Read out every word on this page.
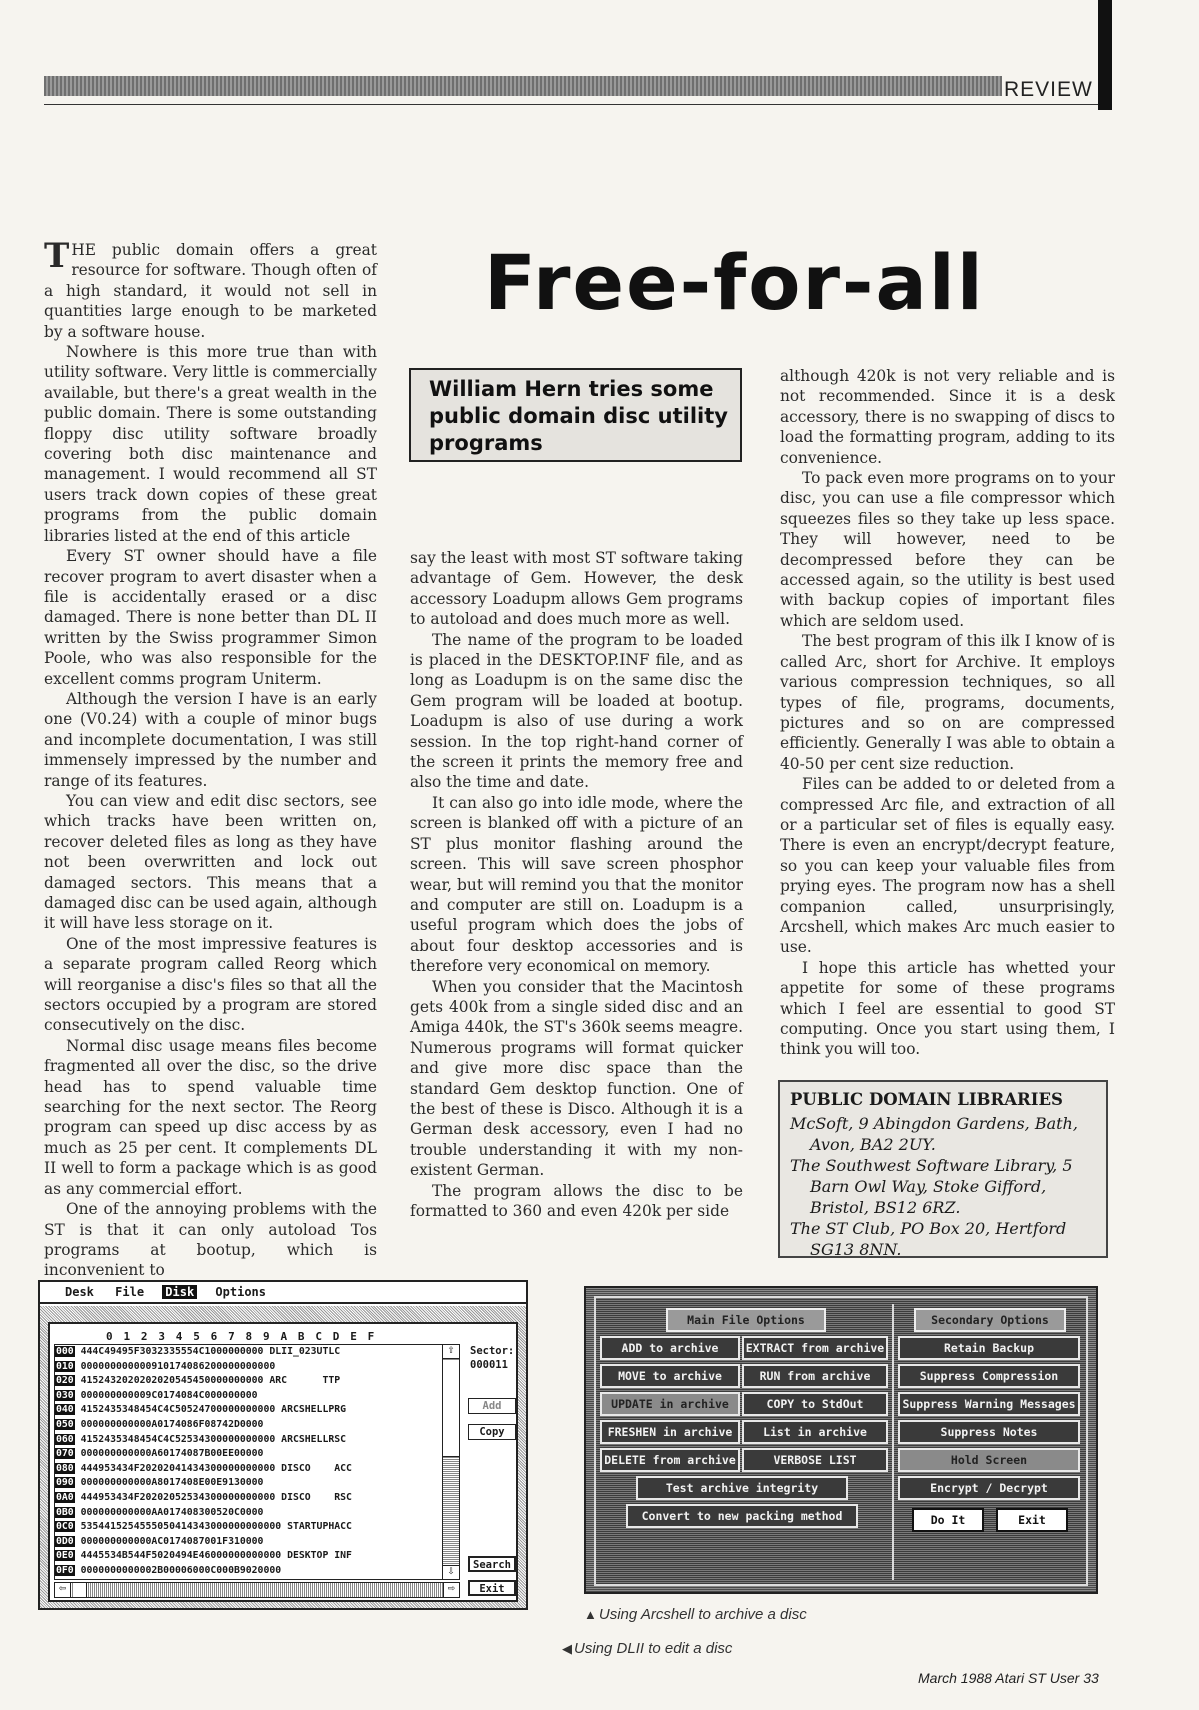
REVIEW
Free-for-all
William Hern tries some public domain disc utility programs

THE public domain offers a great resource for software. Though often of a high standard, it would not sell in quantities large enough to be marketed by a software house.

Nowhere is this more true than with utility software. Very little is commercially available, but there's a great wealth in the public domain. There is some outstanding floppy disc utility software broadly covering both disc maintenance and management. I would recommend all ST users track down copies of these great programs from the public domain libraries listed at the end of this article

Every ST owner should have a file recover program to avert disaster when a file is accidentally erased or a disc damaged. There is none better than DL II written by the Swiss programmer Simon Poole, who was also responsible for the excellent comms program Uniterm.

Although the version I have is an early one (V0.24) with a couple of minor bugs and incomplete documentation, I was still immensely impressed by the number and range of its features.

You can view and edit disc sectors, see which tracks have been written on, recover deleted files as long as they have not been overwritten and lock out damaged sectors. This means that a damaged disc can be used again, although it will have less storage on it.

One of the most impressive features is a separate program called Reorg which will reorganise a disc's files so that all the sectors occupied by a program are stored consecutively on the disc.

Normal disc usage means files become fragmented all over the disc, so the drive head has to spend valuable time searching for the next sector. The Reorg program can speed up disc access by as much as 25 per cent. It complements DL II well to form a package which is as good as any commercial effort.

One of the annoying problems with the ST is that it can only autoload Tos programs at bootup, which is inconvenient to

say the least with most ST software taking advantage of Gem. However, the desk accessory Loadupm allows Gem programs to autoload and does much more as well.

The name of the program to be loaded is placed in the DESKTOP.INF file, and as long as Loadupm is on the same disc the Gem program will be loaded at bootup. Loadupm is also of use during a work session. In the top right-hand corner of the screen it prints the memory free and also the time and date.

It can also go into idle mode, where the screen is blanked off with a picture of an ST plus monitor flashing around the screen. This will save screen phosphor wear, but will remind you that the monitor and computer are still on. Loadupm is a useful program which does the jobs of about four desktop accessories and is therefore very economical on memory.

When you consider that the Macintosh gets 400k from a single sided disc and an Amiga 440k, the ST's 360k seems meagre. Numerous programs will format quicker and give more disc space than the standard Gem desktop function. One of the best of these is Disco. Although it is a German desk accessory, even I had no trouble understanding it with my non-existent German.

The program allows the disc to be formatted to 360 and even 420k per side

although 420k is not very reliable and is not recommended. Since it is a desk accessory, there is no swapping of discs to load the formatting program, adding to its convenience.

To pack even more programs on to your disc, you can use a file compressor which squeezes files so they take up less space. They will however, need to be decompressed before they can be accessed again, so the utility is best used with backup copies of important files which are seldom used.

The best program of this ilk I know of is called Arc, short for Archive. It employs various compression techniques, so all types of file, programs, documents, pictures and so on are compressed efficiently. Generally I was able to obtain a 40-50 per cent size reduction.

Files can be added to or deleted from a compressed Arc file, and extraction of all or a particular set of files is equally easy. There is even an encrypt/decrypt feature, so you can keep your valuable files from prying eyes. The program now has a shell companion called, unsurprisingly, Arcshell, which makes Arc much easier to use.

I hope this article has whetted your appetite for some of these programs which I feel are essential to good ST computing. Once you start using them, I think you will too.

PUBLIC DOMAIN LIBRARIES
McSoft, 9 Abingdon Gardens, Bath, Avon, BA2 2UY.
The Southwest Software Library, 5 Barn Owl Way, Stoke Gifford, Bristol, BS12 6RZ.
The ST Club, PO Box 20, Hertford SG13 8NN.
Desk File Disk Options
0 1 2 3 4 5 6 7 8 9 A B C D E F
000 444C49495F3032335554C1000000000 DLII_023UTLC
010 000000000000910174086200000000000
020 4152432020202020545450000000000 ARC      TTP
030 000000000009C0174084C000000000
040 4152435348454C4C50524700000000000 ARCSHELLPRG
050 000000000000A0174086F08742D0000
060 4152435348454C4C52534300000000000 ARCSHELLRSC
070 000000000000A60174087B00EE00000
080 444953434F20202041434300000000000 DISCO    ACC
090 000000000000A8017408E00E9130000
0A0 444953434F20202052534300000000000 DISCO    RSC
0B0 000000000000AA017408300520C0000
0C0 5354415254555050414343000000000000 STARTUPHACC
0D0 000000000000AC0174087001F310000
0E0 4445534B544F5020494E46000000000000 DESKTOP INF
0F0 0000000000002B00006000C000B9020000
⇧
⇩
⇦	⇨
Sector:
000011
Add
Copy
Search
Exit
Main File Options	Secondary Options
ADD to archive	EXTRACT from archive
MOVE to archive	RUN from archive
UPDATE in archive	COPY to StdOut
FRESHEN in archive	List in archive
DELETE from archive	VERBOSE LIST
Test archive integrity
Convert to new packing method
Retain Backup
Suppress Compression
Suppress Warning Messages
Suppress Notes
Hold Screen
Encrypt / Decrypt
Do It	Exit
▲ Using Arcshell to archive a disc
◀ Using DLII to edit a disc
March 1988 Atari ST User 33
